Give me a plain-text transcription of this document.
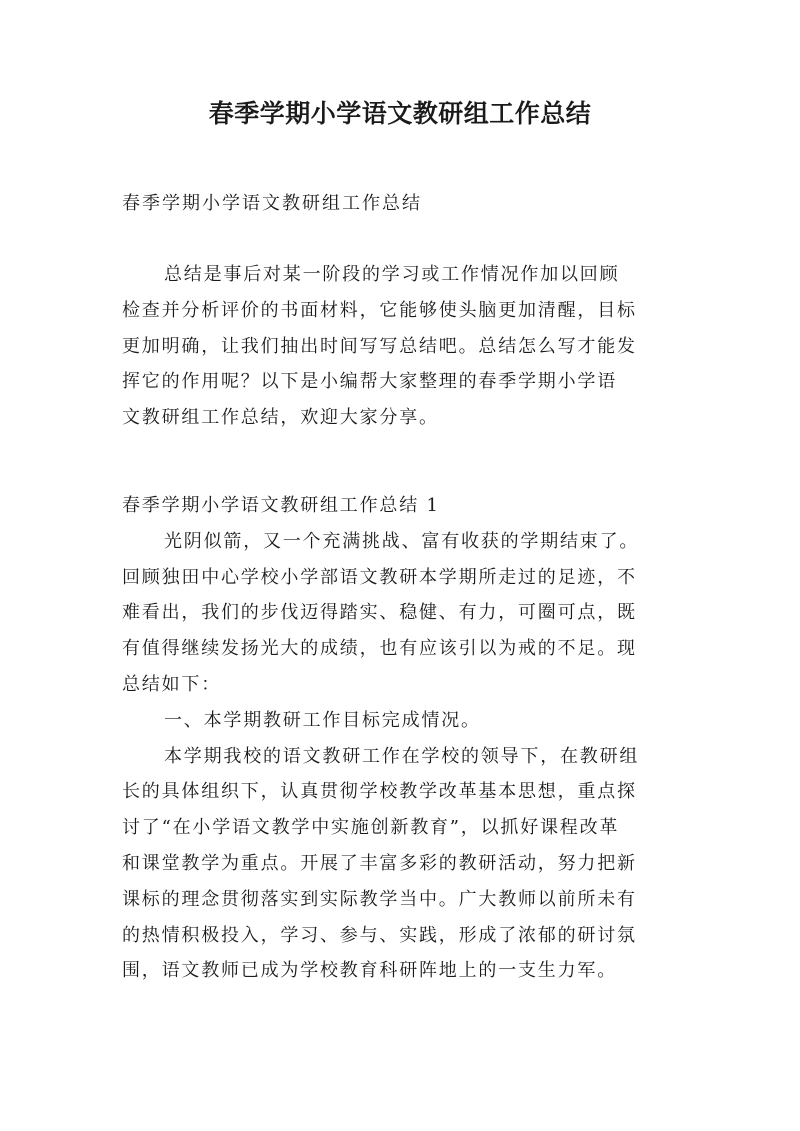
春季学期小学语文教研组工作总结
春季学期小学语文教研组工作总结
总结是事后对某一阶段的学习或工作情况作加以回顾
检查并分析评价的书面材料，它能够使头脑更加清醒，目标
更加明确，让我们抽出时间写写总结吧。总结怎么写才能发
挥它的作用呢？以下是小编帮大家整理的春季学期小学语
文教研组工作总结，欢迎大家分享。
春季学期小学语文教研组工作总结 1
光阴似箭，又一个充满挑战、富有收获的学期结束了。
回顾独田中心学校小学部语文教研本学期所走过的足迹，不
难看出，我们的步伐迈得踏实、稳健、有力，可圈可点，既
有值得继续发扬光大的成绩，也有应该引以为戒的不足。现
总结如下：
一、本学期教研工作目标完成情况。
本学期我校的语文教研工作在学校的领导下，在教研组
长的具体组织下，认真贯彻学校教学改革基本思想，重点探
讨了“在小学语文教学中实施创新教育”，以抓好课程改革
和课堂教学为重点。开展了丰富多彩的教研活动，努力把新
课标的理念贯彻落实到实际教学当中。广大教师以前所未有
的热情积极投入，学习、参与、实践，形成了浓郁的研讨氛
围，语文教师已成为学校教育科研阵地上的一支生力军。
